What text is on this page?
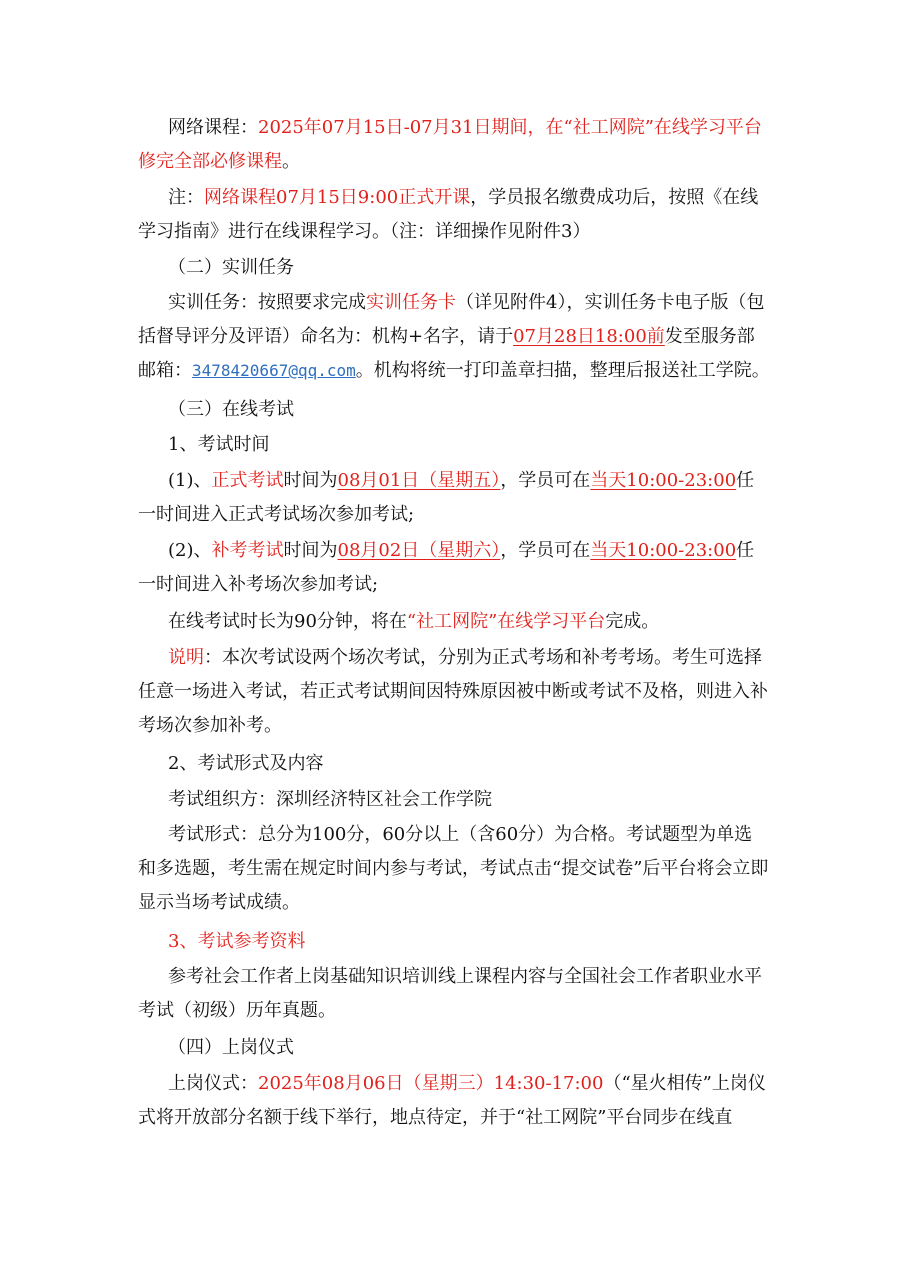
网络课程：2025年07月15日-07月31日期间，在“社工网院”在线学习平台修完全部必修课程。

注：网络课程07月15日9:00正式开课，学员报名缴费成功后，按照《在线学习指南》进行在线课程学习。（注：详细操作见附件3）

（二）实训任务

实训任务：按照要求完成实训任务卡（详见附件4），实训任务卡电子版（包括督导评分及评语）命名为：机构+名字，请于07月28日18:00前发至服务部邮箱：3478420667@qq.com。机构将统一打印盖章扫描，整理后报送社工学院。

（三）在线考试

1、考试时间

(1)、正式考试时间为08月01日（星期五），学员可在当天10:00-23:00任一时间进入正式考试场次参加考试;

(2)、补考考试时间为08月02日（星期六），学员可在当天10:00-23:00任一时间进入补考场次参加考试;

在线考试时长为90分钟，将在“社工网院”在线学习平台完成。

说明：本次考试设两个场次考试，分别为正式考场和补考考场。考生可选择任意一场进入考试，若正式考试期间因特殊原因被中断或考试不及格，则进入补考场次参加补考。

2、考试形式及内容

考试组织方：深圳经济特区社会工作学院

考试形式：总分为100分，60分以上（含60分）为合格。考试题型为单选和多选题，考生需在规定时间内参与考试，考试点击“提交试卷”后平台将会立即显示当场考试成绩。

3、考试参考资料

参考社会工作者上岗基础知识培训线上课程内容与全国社会工作者职业水平考试（初级）历年真题。

（四）上岗仪式

上岗仪式：2025年08月06日（星期三）14:30-17:00（“星火相传”上岗仪式将开放部分名额于线下举行，地点待定，并于“社工网院”平台同步在线直
